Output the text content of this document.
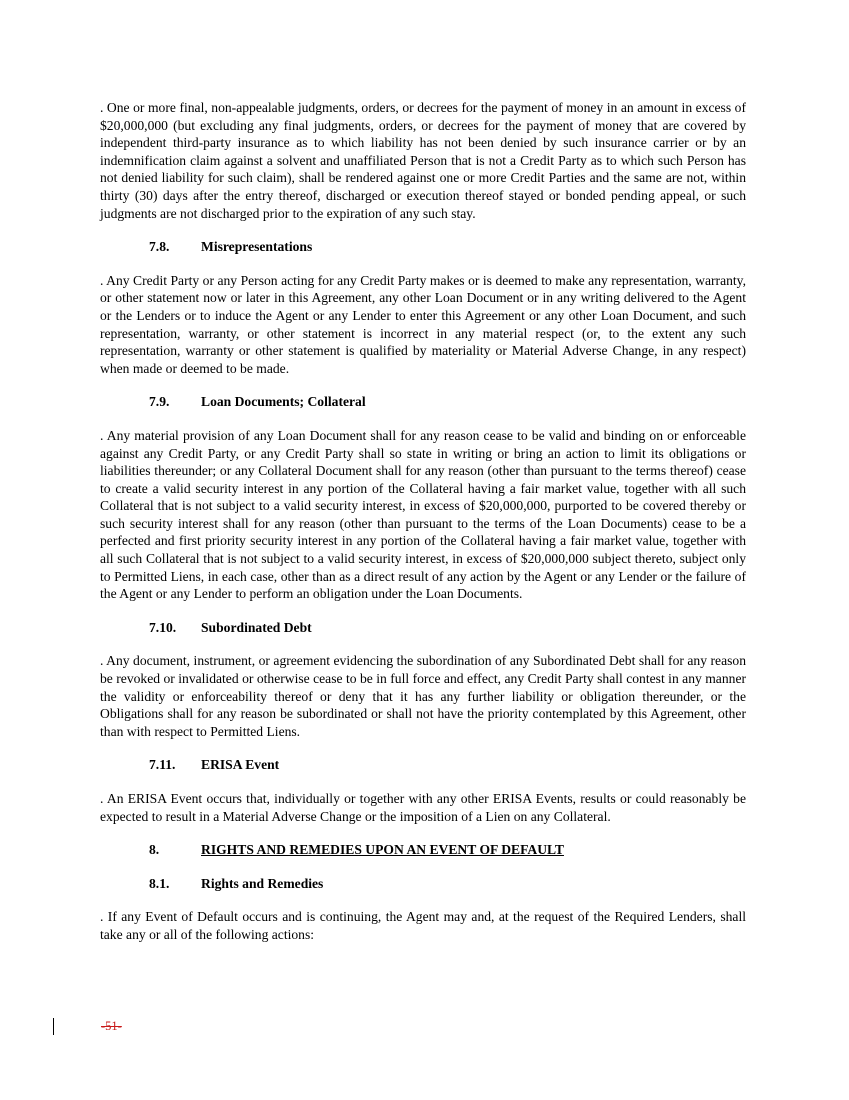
. One or more final, non-appealable judgments, orders, or decrees for the payment of money in an amount in excess of $20,000,000 (but excluding any final judgments, orders, or decrees for the payment of money that are covered by independent third-party insurance as to which liability has not been denied by such insurance carrier or by an indemnification claim against a solvent and unaffiliated Person that is not a Credit Party as to which such Person has not denied liability for such claim), shall be rendered against one or more Credit Parties and the same are not, within thirty (30) days after the entry thereof, discharged or execution thereof stayed or bonded pending appeal, or such judgments are not discharged prior to the expiration of any such stay.

7.8.	Misrepresentations

. Any Credit Party or any Person acting for any Credit Party makes or is deemed to make any representation, warranty, or other statement now or later in this Agreement, any other Loan Document or in any writing delivered to the Agent or the Lenders or to induce the Agent or any Lender to enter this Agreement or any other Loan Document, and such representation, warranty, or other statement is incorrect in any material respect (or, to the extent any such representation, warranty or other statement is qualified by materiality or Material Adverse Change, in any respect) when made or deemed to be made.

7.9.	Loan Documents; Collateral

. Any material provision of any Loan Document shall for any reason cease to be valid and binding on or enforceable against any Credit Party, or any Credit Party shall so state in writing or bring an action to limit its obligations or liabilities thereunder; or any Collateral Document shall for any reason (other than pursuant to the terms thereof) cease to create a valid security interest in any portion of the Collateral having a fair market value, together with all such Collateral that is not subject to a valid security interest, in excess of $20,000,000, purported to be covered thereby or such security interest shall for any reason (other than pursuant to the terms of the Loan Documents) cease to be a perfected and first priority security interest in any portion of the Collateral having a fair market value, together with all such Collateral that is not subject to a valid security interest, in excess of $20,000,000 subject thereto, subject only to Permitted Liens, in each case, other than as a direct result of any action by the Agent or any Lender or the failure of the Agent or any Lender to perform an obligation under the Loan Documents.

7.10.	Subordinated Debt

. Any document, instrument, or agreement evidencing the subordination of any Subordinated Debt shall for any reason be revoked or invalidated or otherwise cease to be in full force and effect, any Credit Party shall contest in any manner the validity or enforceability thereof or deny that it has any further liability or obligation thereunder, or the Obligations shall for any reason be subordinated or shall not have the priority contemplated by this Agreement, other than with respect to Permitted Liens.

7.11.	ERISA Event

. An ERISA Event occurs that, individually or together with any other ERISA Events, results or could reasonably be expected to result in a Material Adverse Change or the imposition of a Lien on any Collateral.

8.	RIGHTS AND REMEDIES UPON AN EVENT OF DEFAULT
8.1.	Rights and Remedies

. If any Event of Default occurs and is continuing, the Agent may and, at the request of the Required Lenders, shall take any or all of the following actions:

-51-
